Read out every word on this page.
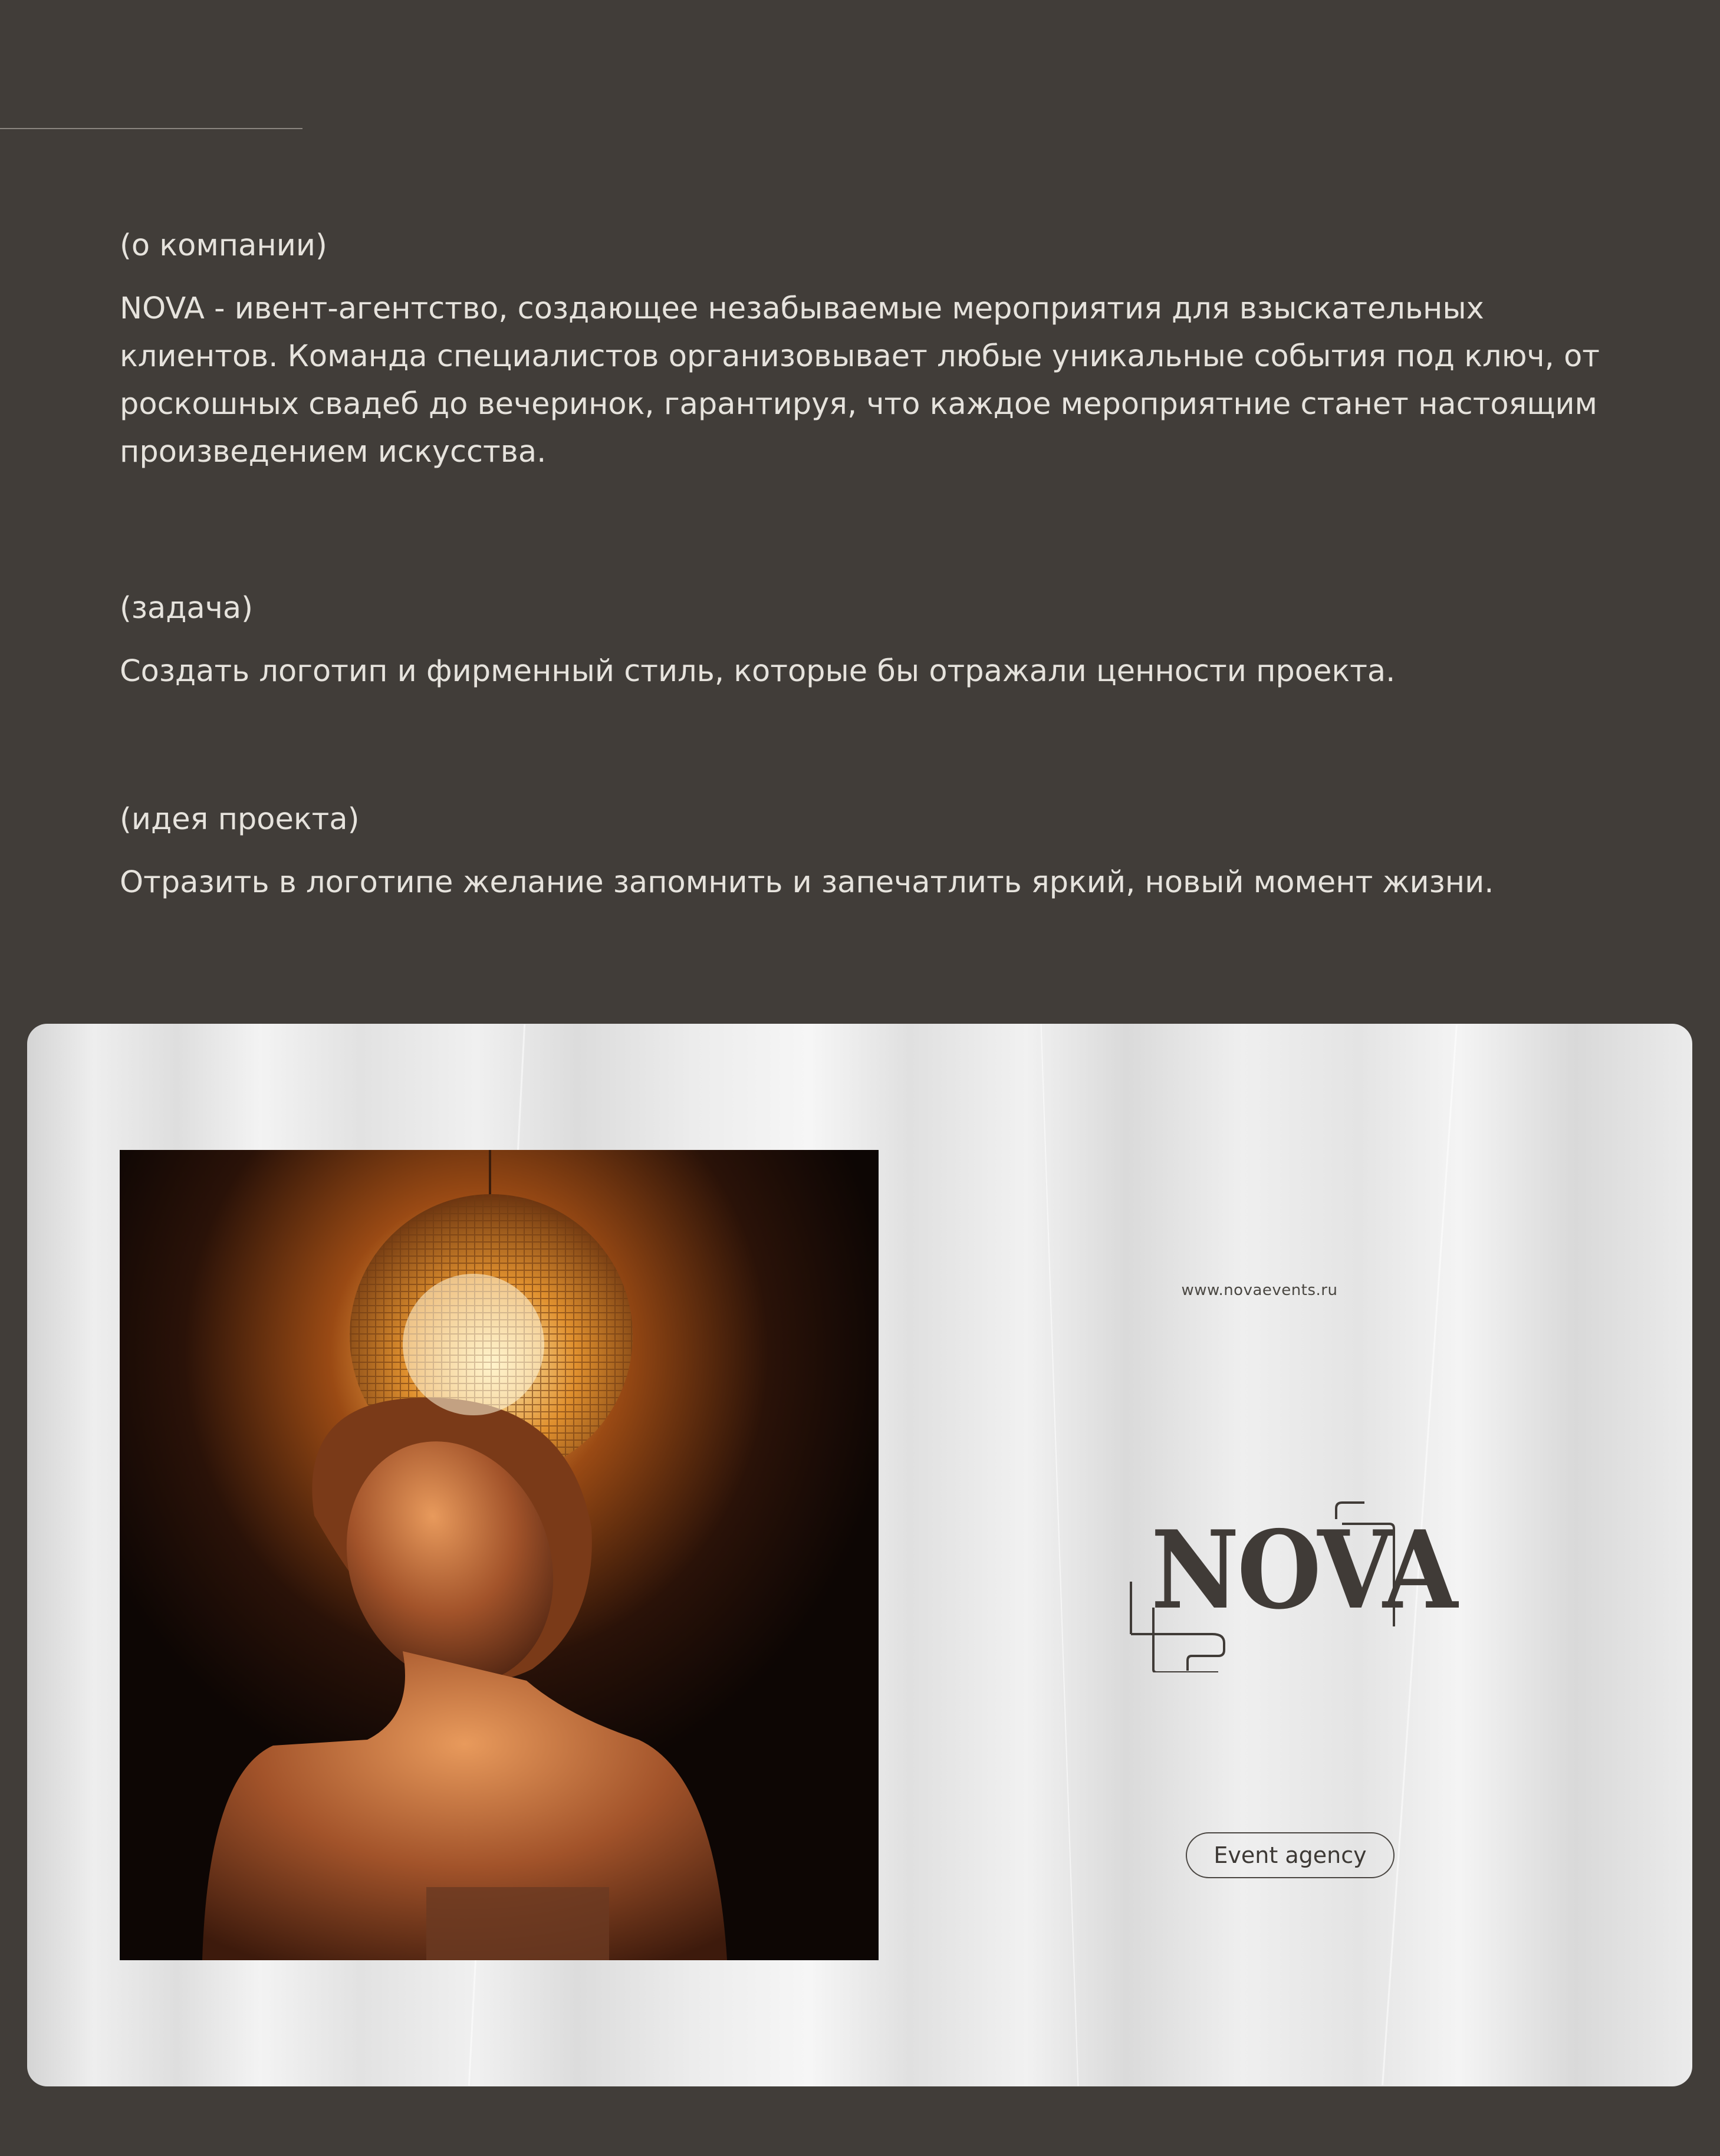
(о компании)

NOVA - ивент-агентство, создающее незабываемые мероприятия для взыскательных клиентов. Команда специалистов организовывает любые уникальные события под ключ, от роскошных свадеб до вечеринок, гарантируя, что каждое мероприятние станет настоящим произведением искусства.

(задача)

Создать логотип и фирменный стиль, которые бы отражали ценности проекта.

(идея проекта)

Отразить в логотипе желание запомнить и запечатлить яркий, новый момент жизни.

www.novaevents.ru
NOVA
Event agency
